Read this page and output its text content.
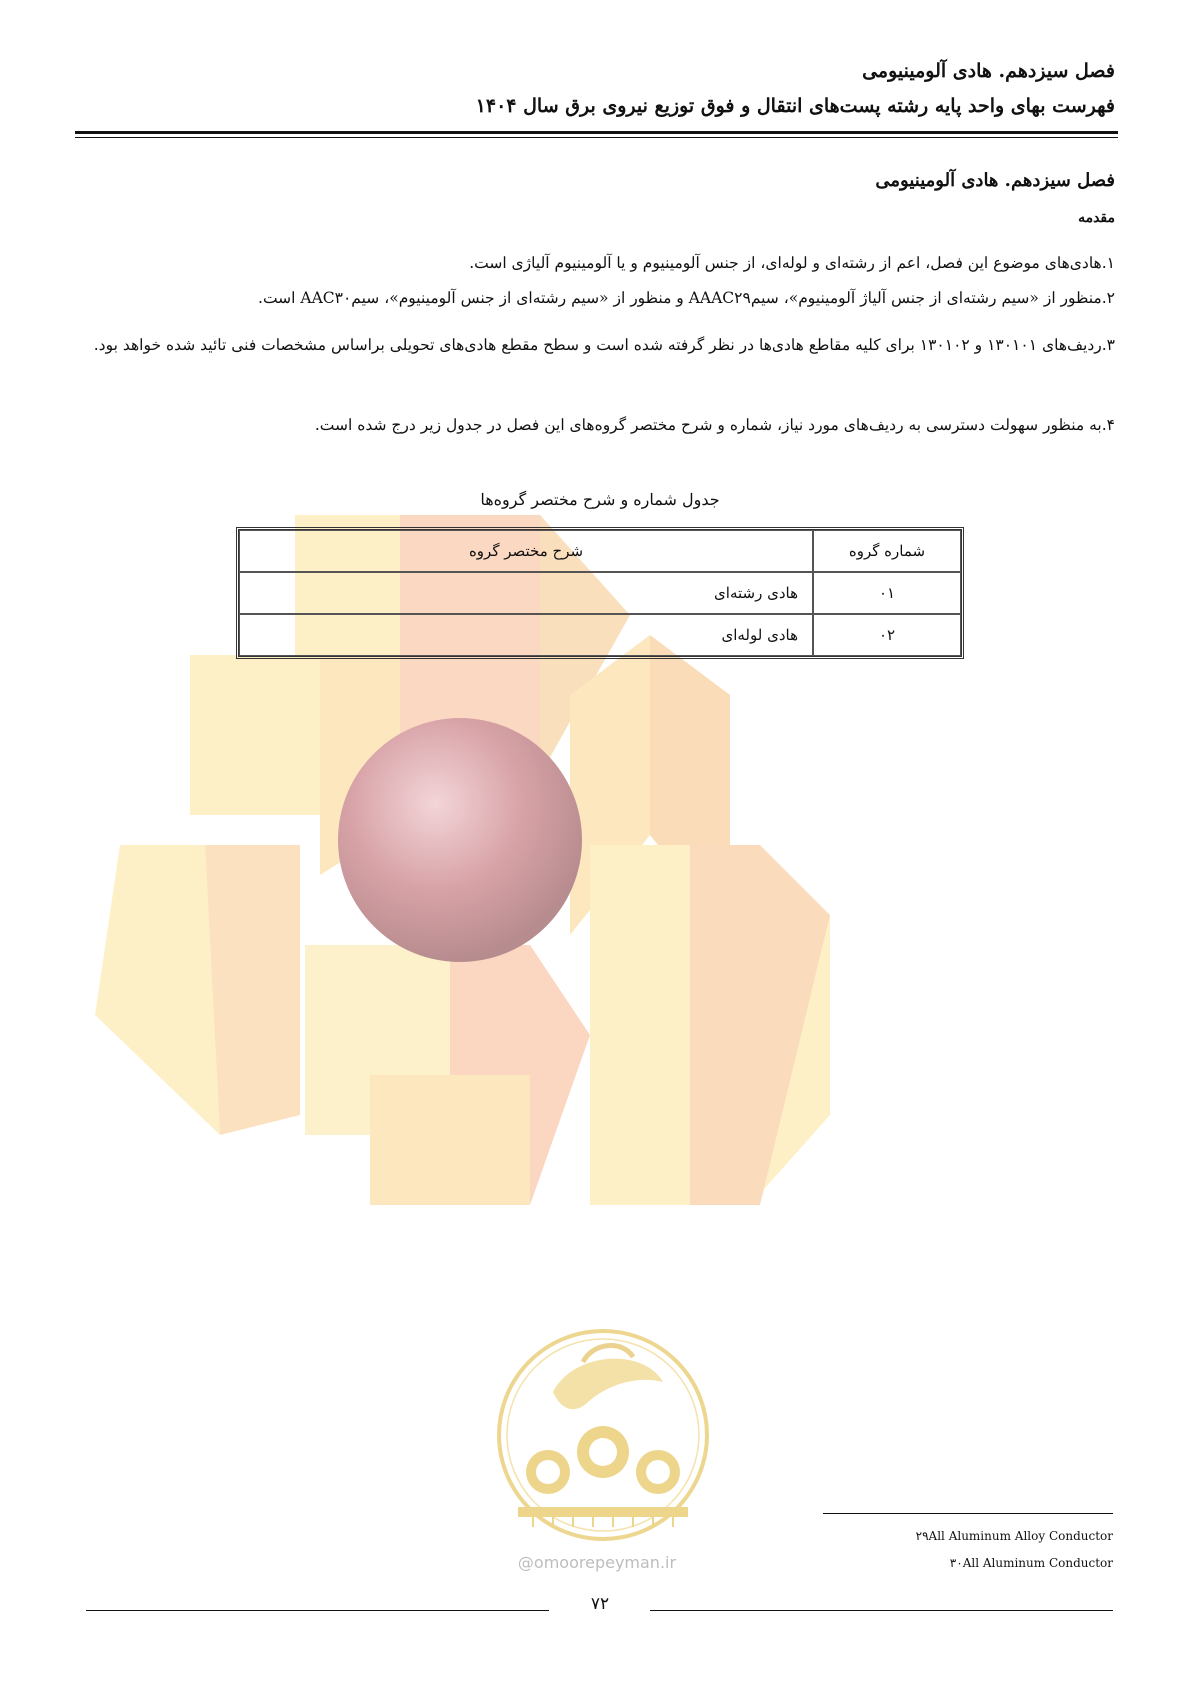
فصل سیزدهم. هادی آلومینیومی
فهرست بهای واحد پایه رشته پست‌های انتقال و فوق توزیع نیروی برق سال ۱۴۰۴
فصل سیزدهم. هادی آلومینیومی
مقدمه
۱.هادی‌های موضوع این فصل، اعم از رشته‌ای و لوله‌ای، از جنس آلومینیوم و یا آلومینیوم آلیاژی است.
۲.منظور از «سیم رشته‌ای از جنس آلیاژ آلومینیوم»، سیمAAAC۲۹ و منظور از «سیم رشته‌ای از جنس آلومینیوم»، سیمAAC۳۰ است.
۳.ردیف‌های ۱۳۰۱۰۱ و ۱۳۰۱۰۲ برای کلیه مقاطع هادی‌ها در نظر گرفته شده است و سطح مقطع هادی‌های تحویلی براساس مشخصات فنی تائید شده خواهد بود.
۴.به منظور سهولت دسترسی به ردیف‌های مورد نیاز، شماره و شرح مختصر گروه‌های این فصل در جدول زیر درج شده است.
جدول شماره و شرح مختصر گروه‌ها
شماره گروه	شرح مختصر گروه
۰۱	هادی رشته‌ای
۰۲	هادی لوله‌ای
@omoorepeyman.ir
۲۹All Aluminum Alloy Conductor
۳۰All Aluminum Conductor
۷۲
